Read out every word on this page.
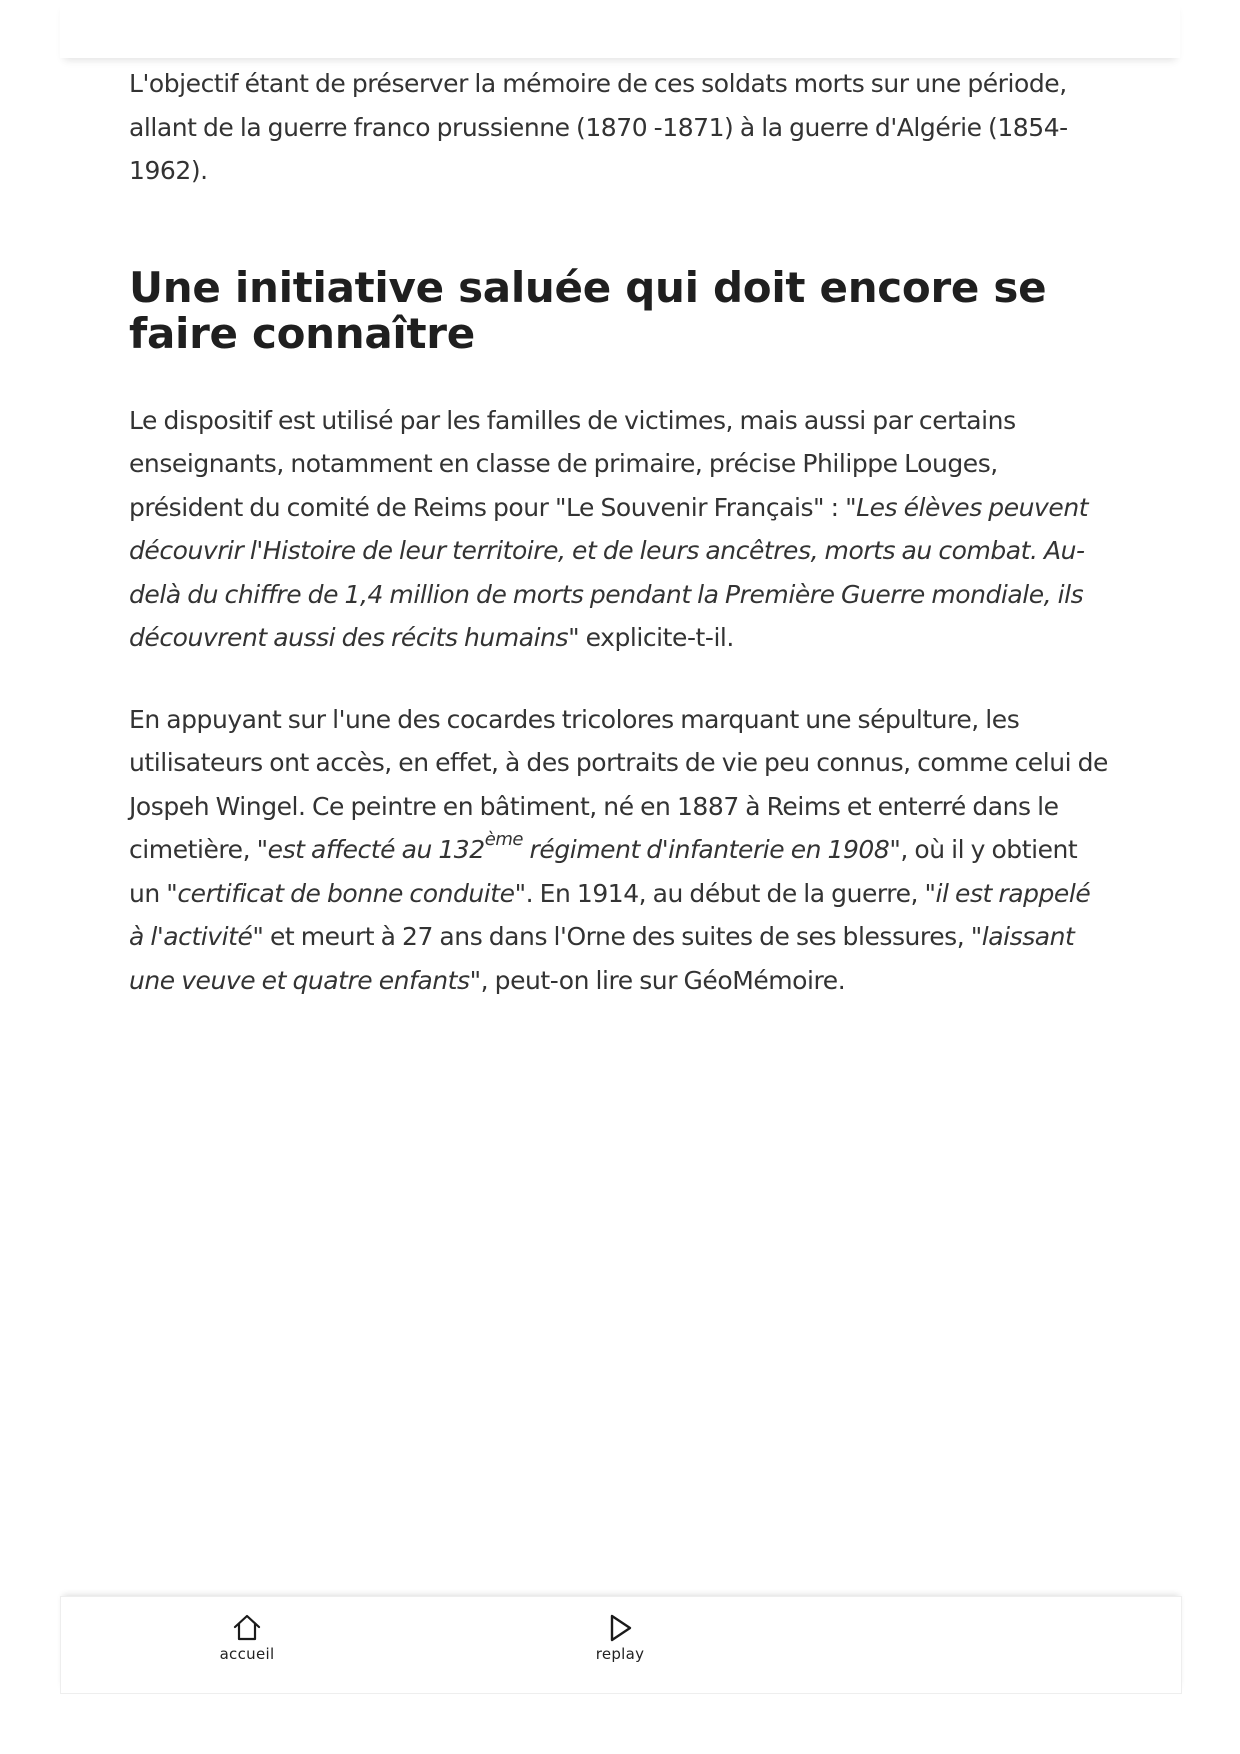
L'objectif étant de préserver la mémoire de ces soldats morts sur une période, allant de la guerre franco prussienne (1870 -1871) à la guerre d'Algérie (1854-1962).

Une initiative saluée qui doit encore se faire connaître

Le dispositif est utilisé par les familles de victimes, mais aussi par certains enseignants, notamment en classe de primaire, précise Philippe Louges, président du comité de Reims pour "Le Souvenir Français" : "Les élèves peuvent découvrir l'Histoire de leur territoire, et de leurs ancêtres, morts au combat. Au-delà du chiffre de 1,4 million de morts pendant la Première Guerre mondiale, ils découvrent aussi des récits humains" explicite-t-il.

En appuyant sur l'une des cocardes tricolores marquant une sépulture, les utilisateurs ont accès, en effet, à des portraits de vie peu connus, comme celui de Jospeh Wingel. Ce peintre en bâtiment, né en 1887 à Reims et enterré dans le cimetière, "est affecté au 132ème régiment d'infanterie en 1908", où il y obtient un "certificat de bonne conduite". En 1914, au début de la guerre, "il est rappelé à l'activité" et meurt à 27 ans dans l'Orne des suites de ses blessures, "laissant une veuve et quatre enfants", peut-on lire sur GéoMémoire.

accueil	replay
